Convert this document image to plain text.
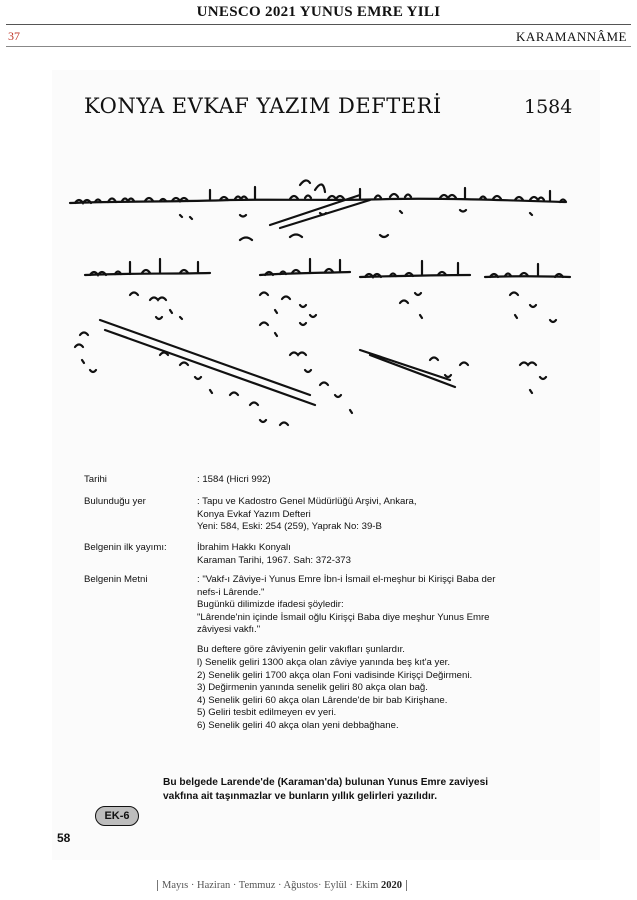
UNESCO 2021 YUNUS EMRE YILI
37	KARAMANNÂME
KONYA EVKAF YAZIM DEFTERİ	1584
Tarihi	: 1584 (Hicri 992)
Bulunduğu yer	: Tapu ve Kadostro Genel Müdürlüğü Arşivi, Ankara,
Konya Evkaf Yazım Defteri
Yeni: 584, Eski: 254 (259), Yaprak No: 39-B
Belgenin ilk yayımı:	İbrahim Hakkı Konyalı
Karaman Tarihi, 1967. Sah: 372-373
Belgenin Metni	: "Vakf-ı Zâviye-i Yunus Emre İbn-i İsmail el-meşhur bi Kirişçi Baba der
nefs-i Lârende."
Bugünkü dilimizde ifadesi şöyledir:
"Lârende'nin içinde İsmail oğlu Kirişçi Baba diye meşhur Yunus Emre
zâviyesi vakfı."
Bu deftere göre zâviyenin gelir vakıfları şunlardır.
l) Senelik geliri 1300 akça olan zâviye yanında beş kıt'a yer.
2) Senelik geliri 1700 akça olan Foni vadisinde Kirişçi Değirmeni.
3) Değirmenin yanında senelik geliri 80 akça olan bağ.
4) Senelik geliri 60 akça olan Lârende'de bir bab Kirişhane.
5) Geliri tesbit edilmeyen ev yeri.
6) Senelik geliri 40 akça olan yeni debbağhane.
Bu belgede Larende'de (Karaman'da) bulunan Yunus Emre zaviyesi
vakfına ait taşınmazlar ve bunların yıllık gelirleri yazılıdır.
EK-6
58
Mayıs · Haziran · Temmuz · Ağustos· Eylül · Ekim 2020
